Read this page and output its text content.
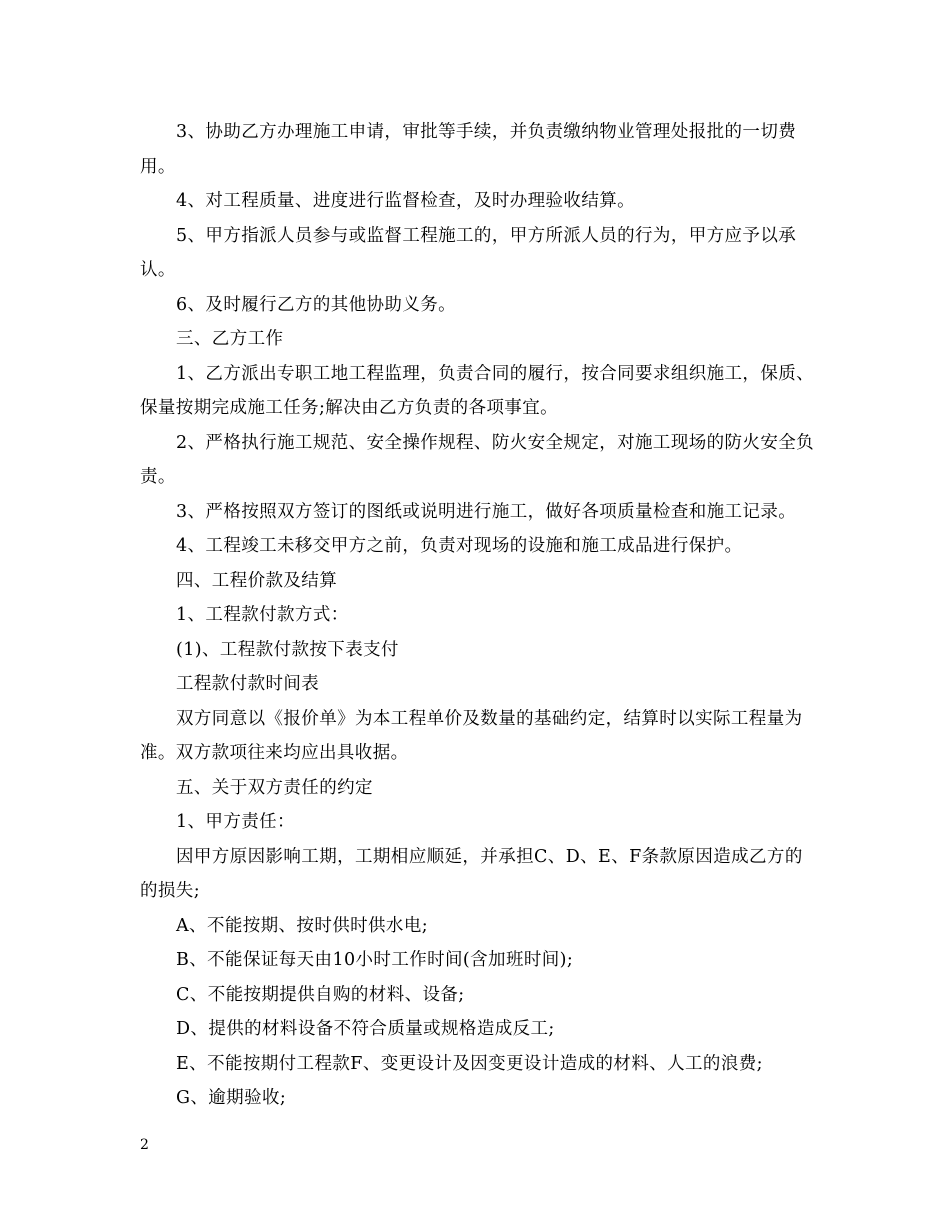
3、协助乙方办理施工申请，审批等手续，并负责缴纳物业管理处报批的一切费用。

4、对工程质量、进度进行监督检查，及时办理验收结算。

5、甲方指派人员参与或监督工程施工的，甲方所派人员的行为，甲方应予以承认。

6、及时履行乙方的其他协助义务。

三、乙方工作

1、乙方派出专职工地工程监理，负责合同的履行，按合同要求组织施工，保质、保量按期完成施工任务;解决由乙方负责的各项事宜。

2、严格执行施工规范、安全操作规程、防火安全规定，对施工现场的防火安全负责。

3、严格按照双方签订的图纸或说明进行施工，做好各项质量检查和施工记录。

4、工程竣工未移交甲方之前，负责对现场的设施和施工成品进行保护。

四、工程价款及结算

1、工程款付款方式：

(1)、工程款付款按下表支付

工程款付款时间表

双方同意以《报价单》为本工程单价及数量的基础约定，结算时以实际工程量为准。双方款项往来均应出具收据。

五、关于双方责任的约定

1、甲方责任：

因甲方原因影响工期，工期相应顺延，并承担C、D、E、F条款原因造成乙方的的损失;

A、不能按期、按时供时供水电;

B、不能保证每天由10小时工作时间(含加班时间);

C、不能按期提供自购的材料、设备;

D、提供的材料设备不符合质量或规格造成反工;

E、不能按期付工程款F、变更设计及因变更设计造成的材料、人工的浪费;

G、逾期验收;

2
